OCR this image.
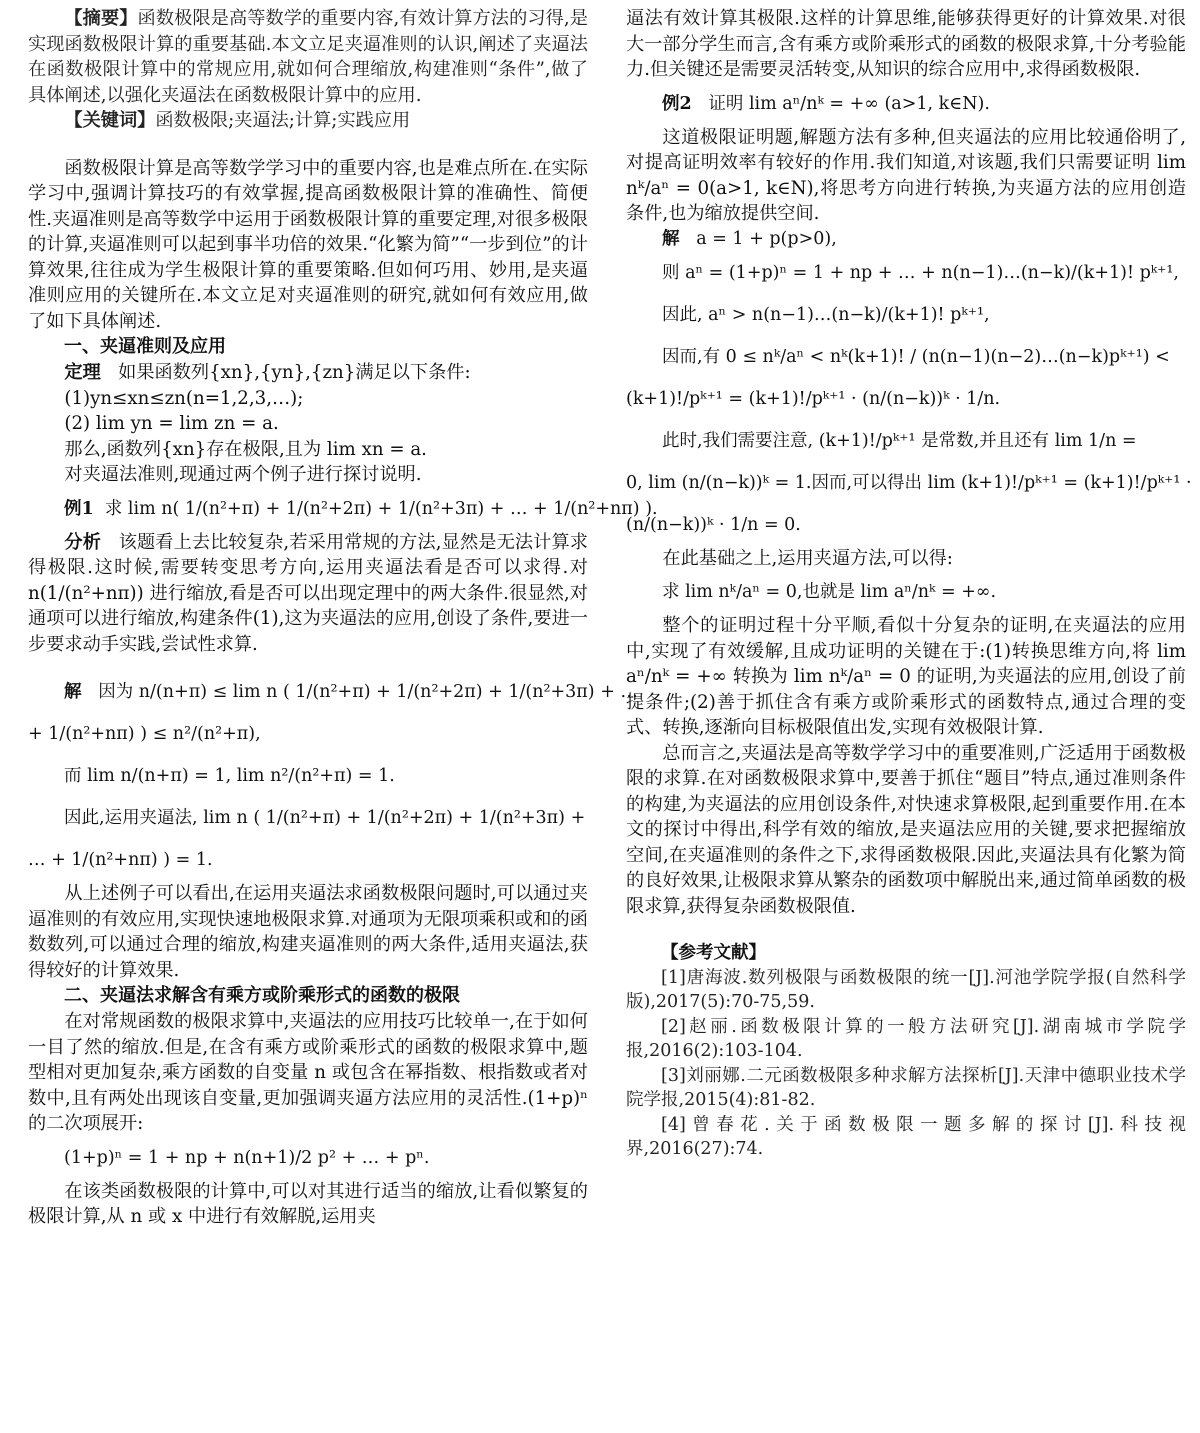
【摘要】函数极限是高等数学的重要内容,有效计算方法的习得,是实现函数极限计算的重要基础.本文立足夹逼准则的认识,阐述了夹逼法在函数极限计算中的常规应用,就如何合理缩放,构建准则“条件”,做了具体阐述,以强化夹逼法在函数极限计算中的应用.

【关键词】函数极限;夹逼法;计算;实践应用

函数极限计算是高等数学学习中的重要内容,也是难点所在.在实际学习中,强调计算技巧的有效掌握,提高函数极限计算的准确性、简便性.夹逼准则是高等数学中运用于函数极限计算的重要定理,对很多极限的计算,夹逼准则可以起到事半功倍的效果.“化繁为简”“一步到位”的计算效果,往往成为学生极限计算的重要策略.但如何巧用、妙用,是夹逼准则应用的关键所在.本文立足对夹逼准则的研究,就如何有效应用,做了如下具体阐述.

一、夹逼准则及应用

定理 如果函数列{xn},{yn},{zn}满足以下条件:

(1)yn≤xn≤zn(n=1,2,3,…);

(2) lim yn = lim zn = a.

那么,函数列{xn}存在极限,且为 lim xn = a.

对夹逼法准则,现通过两个例子进行探讨说明.

例1 求 lim n( 1/(n²+π) + 1/(n²+2π) + 1/(n²+3π) + … + 1/(n²+nπ) ).

分析 该题看上去比较复杂,若采用常规的方法,显然是无法计算求得极限.这时候,需要转变思考方向,运用夹逼法看是否可以求得.对 n(1/(n²+nπ)) 进行缩放,看是否可以出现定理中的两大条件.很显然,对通项可以进行缩放,构建条件(1),这为夹逼法的应用,创设了条件,要进一步要求动手实践,尝试性求算.

解 因为 n/(n+π) ≤ lim n ( 1/(n²+π) + 1/(n²+2π) + 1/(n²+3π) + …

+ 1/(n²+nπ) ) ≤ n²/(n²+π),

而 lim n/(n+π) = 1, lim n²/(n²+π) = 1.

因此,运用夹逼法, lim n ( 1/(n²+π) + 1/(n²+2π) + 1/(n²+3π) +

… + 1/(n²+nπ) ) = 1.

从上述例子可以看出,在运用夹逼法求函数极限问题时,可以通过夹逼准则的有效应用,实现快速地极限求算.对通项为无限项乘积或和的函数数列,可以通过合理的缩放,构建夹逼准则的两大条件,适用夹逼法,获得较好的计算效果.

二、夹逼法求解含有乘方或阶乘形式的函数的极限

在对常规函数的极限求算中,夹逼法的应用技巧比较单一,在于如何一目了然的缩放.但是,在含有乘方或阶乘形式的函数的极限求算中,题型相对更加复杂,乘方函数的自变量 n 或包含在幂指数、根指数或者对数中,且有两处出现该自变量,更加强调夹逼方法应用的灵活性.(1+p)ⁿ 的二次项展开:

(1+p)ⁿ = 1 + np + n(n+1)/2 p² + … + pⁿ.

在该类函数极限的计算中,可以对其进行适当的缩放,让看似繁复的极限计算,从 n 或 x 中进行有效解脱,运用夹

逼法有效计算其极限.这样的计算思维,能够获得更好的计算效果.对很大一部分学生而言,含有乘方或阶乘形式的函数的极限求算,十分考验能力.但关键还是需要灵活转变,从知识的综合应用中,求得函数极限.

例2 证明 lim aⁿ/nᵏ = +∞ (a>1, k∈N).

这道极限证明题,解题方法有多种,但夹逼法的应用比较通俗明了,对提高证明效率有较好的作用.我们知道,对该题,我们只需要证明 lim nᵏ/aⁿ = 0(a>1, k∈N),将思考方向进行转换,为夹逼方法的应用创造条件,也为缩放提供空间.

解 a = 1 + p(p>0),

则 aⁿ = (1+p)ⁿ = 1 + np + … + n(n−1)…(n−k)/(k+1)! pᵏ⁺¹,

因此, aⁿ > n(n−1)…(n−k)/(k+1)! pᵏ⁺¹,

因而,有 0 ≤ nᵏ/aⁿ < nᵏ(k+1)! / (n(n−1)(n−2)…(n−k)pᵏ⁺¹) <

(k+1)!/pᵏ⁺¹ = (k+1)!/pᵏ⁺¹ · (n/(n−k))ᵏ · 1/n.

此时,我们需要注意, (k+1)!/pᵏ⁺¹ 是常数,并且还有 lim 1/n =

0, lim (n/(n−k))ᵏ = 1.因而,可以得出 lim (k+1)!/pᵏ⁺¹ = (k+1)!/pᵏ⁺¹ ·

(n/(n−k))ᵏ · 1/n = 0.

在此基础之上,运用夹逼方法,可以得:

求 lim nᵏ/aⁿ = 0,也就是 lim aⁿ/nᵏ = +∞.

整个的证明过程十分平顺,看似十分复杂的证明,在夹逼法的应用中,实现了有效缓解,且成功证明的关键在于:(1)转换思维方向,将 lim aⁿ/nᵏ = +∞ 转换为 lim nᵏ/aⁿ = 0 的证明,为夹逼法的应用,创设了前提条件;(2)善于抓住含有乘方或阶乘形式的函数特点,通过合理的变式、转换,逐渐向目标极限值出发,实现有效极限计算.

总而言之,夹逼法是高等数学学习中的重要准则,广泛适用于函数极限的求算.在对函数极限求算中,要善于抓住“题目”特点,通过准则条件的构建,为夹逼法的应用创设条件,对快速求算极限,起到重要作用.在本文的探讨中得出,科学有效的缩放,是夹逼法应用的关键,要求把握缩放空间,在夹逼准则的条件之下,求得函数极限.因此,夹逼法具有化繁为简的良好效果,让极限求算从繁杂的函数项中解脱出来,通过简单函数的极限求算,获得复杂函数极限值.

【参考文献】

[1]唐海波.数列极限与函数极限的统一[J].河池学院学报(自然科学版),2017(5):70-75,59.

[2]赵丽.函数极限计算的一般方法研究[J].湖南城市学院学报,2016(2):103-104.

[3]刘丽娜.二元函数极限多种求解方法探析[J].天津中德职业技术学院学报,2015(4):81-82.

[4]曾春花.关于函数极限一题多解的探讨[J].科技视界,2016(27):74.
